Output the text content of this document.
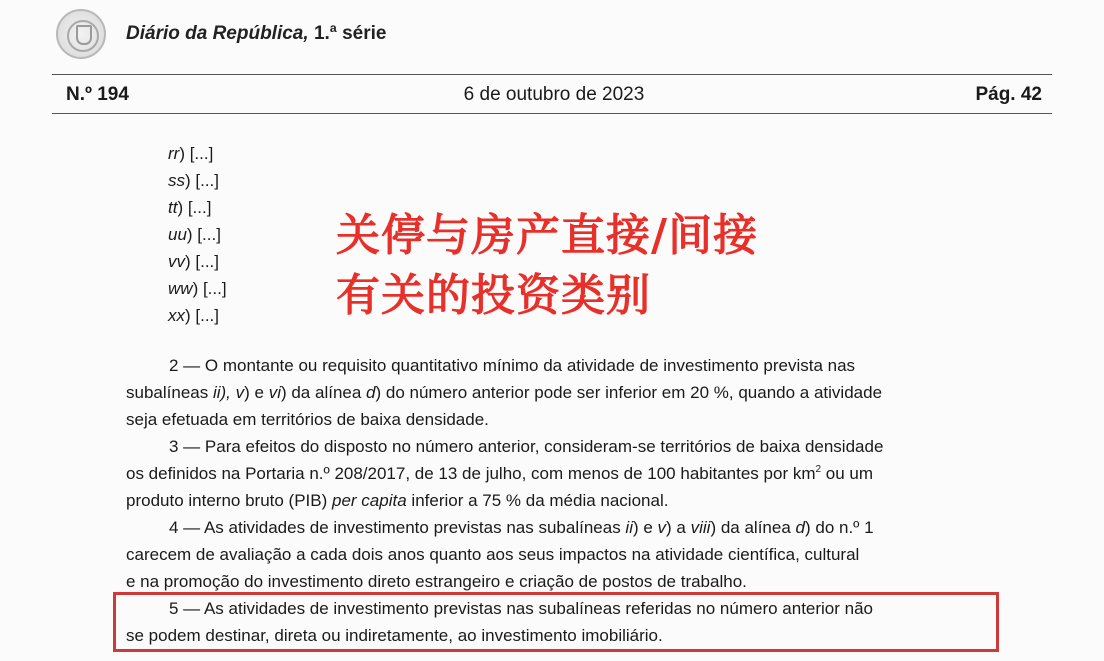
Diário da República, 1.ª série
N.º 194	6 de outubro de 2023	Pág. 42
rr) [...]
ss) [...]
tt) [...]
uu) [...]
vv) [...]
ww) [...]
xx) [...]
关停与房产直接/间接
有关的投资类别
2 — O montante ou requisito quantitativo mínimo da atividade de investimento prevista nas
subalíneas ii), v) e vi) da alínea d) do número anterior pode ser inferior em 20 %, quando a atividade
seja efetuada em territórios de baixa densidade.
3 — Para efeitos do disposto no número anterior, consideram-se territórios de baixa densidade
os definidos na Portaria n.º 208/2017, de 13 de julho, com menos de 100 habitantes por $km^2$ ou um
produto interno bruto (PIB) per capita inferior a 75 % da média nacional.
4 — As atividades de investimento previstas nas subalíneas ii) e v) a viii) da alínea d) do n.º 1
carecem de avaliação a cada dois anos quanto aos seus impactos na atividade científica, cultural
e na promoção do investimento direto estrangeiro e criação de postos de trabalho.
5 — As atividades de investimento previstas nas subalíneas referidas no número anterior não
se podem destinar, direta ou indiretamente, ao investimento imobiliário.
